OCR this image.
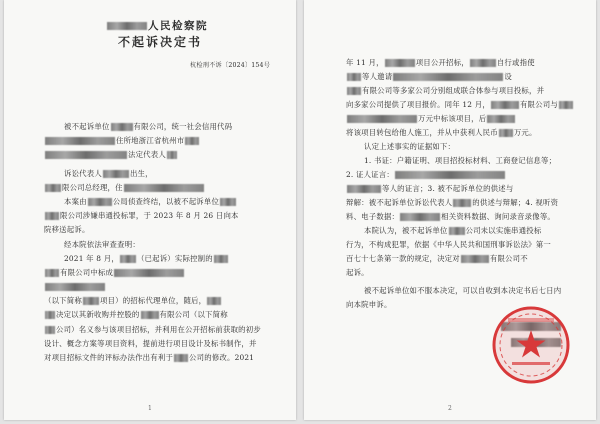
人民检察院
不起诉决定书
杭检刑不诉〔2024〕154号
被不起诉单位	有限公司，统一社会信用代码
住所地浙江省杭州市
法定代表人
诉讼代表人	出生，
限公司总经理，住
本案由	公局侦查终结，以被不起诉单位
限公司涉嫌串通投标罪，于 2023 年 8 月 26 日向本
院移送起诉。
经本院依法审查查明：
2021 年 8 月， （已起诉）实际控制的
有限公司中标成
（以下简称 项目）的招标代理单位，随后，
决定以其新收购并控股的	有限公司（以下简称
公司）名义参与该项目招标，并利用在公开招标前获取的初步
设计、概念方案等项目资料，提前进行项目设计及标书制作，并
对项目招标文件的评标办法作出有利于 公司的修改。2021
1
年 11 月，	项目公开招标，	自行或指使
等人邀请	设
有限公司等多家公司分别组成联合体参与项目投标，并
向多家公司提供了项目报价。同年 12 月，	有限公司与
万元中标该项目，后
将该项目转包给他人施工，并从中获利人民币 万元。
认定上述事实的证据如下：
1. 书证：户籍证明、项目招投标材料、工商登记信息等；
2. 证人证言：
等人的证言；3. 被不起诉单位的供述与
辩解：被不起诉单位诉讼代表人	的供述与辩解；4. 视听资
料、电子数据：	相关资料数据、询问录音录像等。
本院认为，被不起诉单位 公司未以实施串通投标
行为，不构成犯罪，依据《中华人民共和国刑事诉讼法》第一
百七十七条第一款的规定，决定对	有限公司不
起诉。
被不起诉单位如不服本决定，可以自收到本决定书后七日内
向本院申诉。
2
